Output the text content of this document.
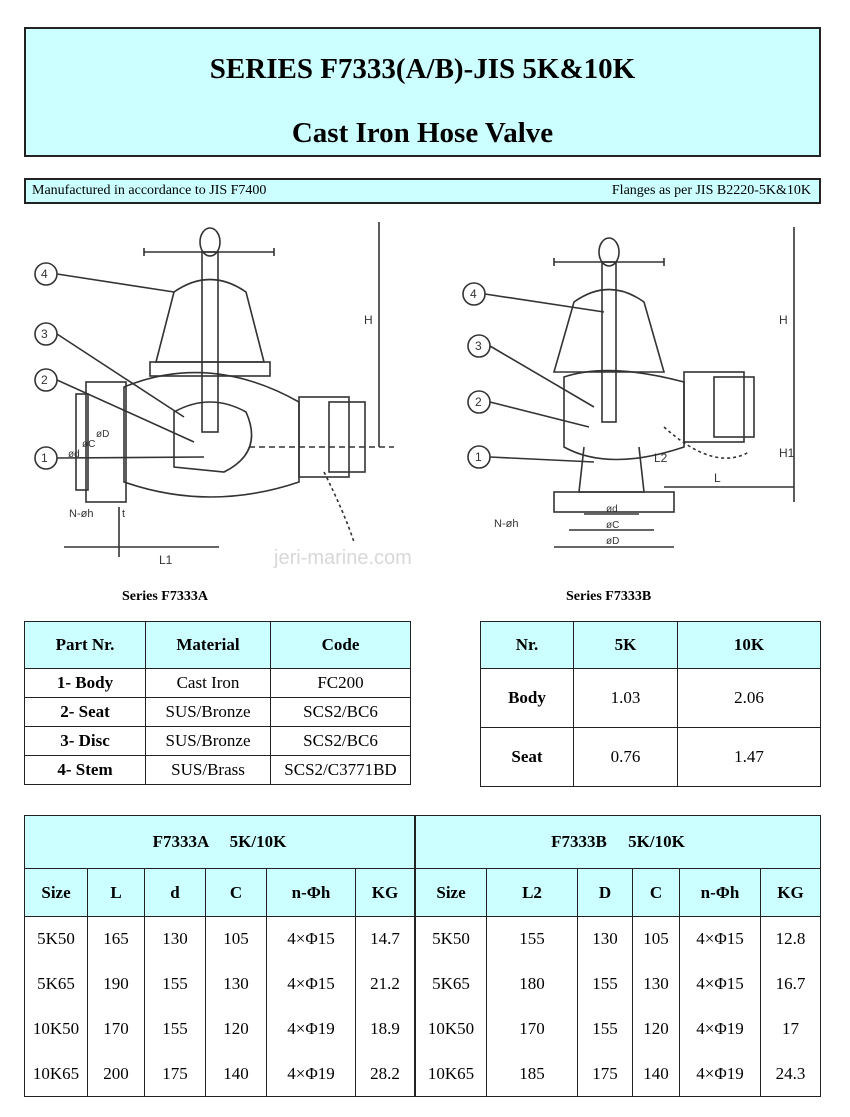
SERIES F7333(A/B)-JIS 5K&10K
Cast Iron Hose Valve
Manufactured in accordance to JIS F7400	Flanges as per JIS B2220-5K&10K
4
3
2
1
H
ød
øC
øD
N-øh	t
L1
4
3
2
1
H
L
L2	H1
N-øh
ød
øC
øD
jeri-marine.com
Series F7333A	Series F7333B
Part Nr.	Material	Code
1- Body	Cast Iron	FC200
2- Seat	SUS/Bronze	SCS2/BC6
3- Disc	SUS/Bronze	SCS2/BC6
4- Stem	SUS/Brass	SCS2/C3771BD
Nr.	5K	10K
Body	1.03	2.06
Seat	0.76	1.47
F7333A     5K/10K						F7333B     5K/10K					
Size	L	d	C	n-Φh	KG	Size	L2	D	C	n-Φh	KG
5K50	165	130	105	4×Φ15	14.7	5K50	155	130	105	4×Φ15	12.8
5K65	190	155	130	4×Φ15	21.2	5K65	180	155	130	4×Φ15	16.7
10K50	170	155	120	4×Φ19	18.9	10K50	170	155	120	4×Φ19	17
10K65	200	175	140	4×Φ19	28.2	10K65	185	175	140	4×Φ19	24.3
